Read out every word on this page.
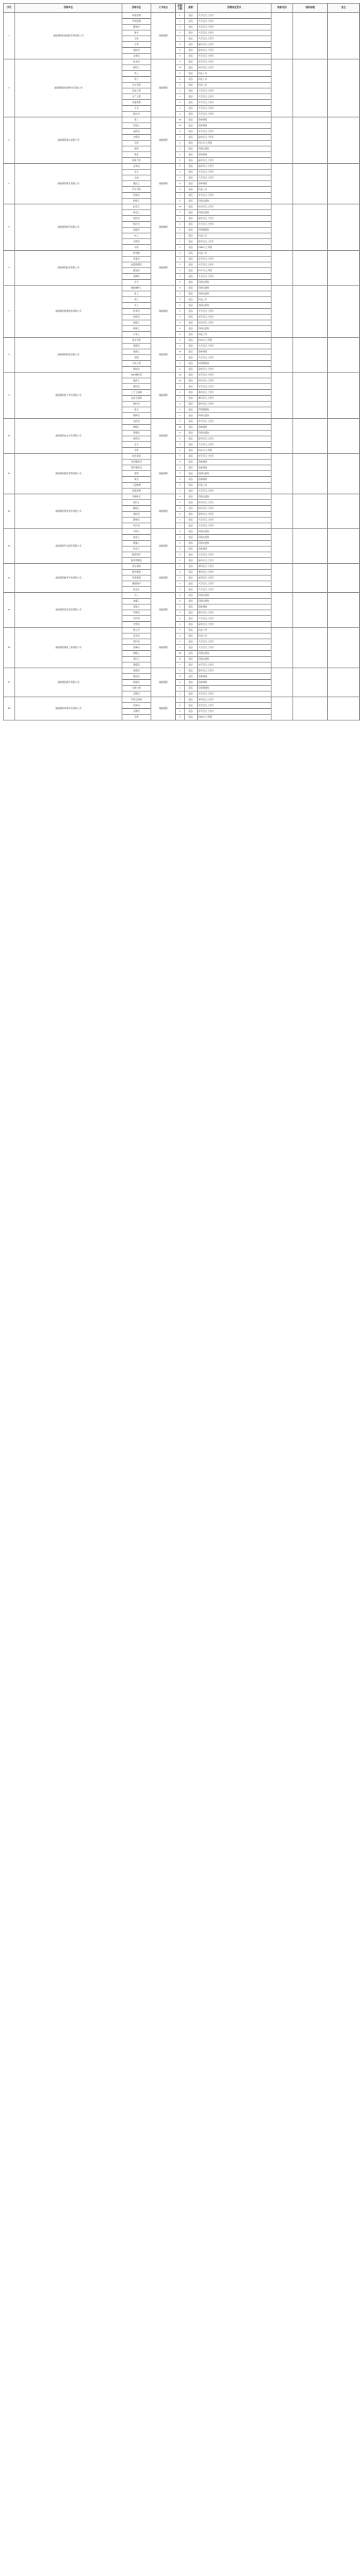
序号	招聘单位	招聘岗位	工作地点	招聘人数	薪资	招聘岗位要求	联系电话	联系邮箱	备注
1	湖南湘阴欧陆国际贸易有限公司	销售经理	湖南湘阴	1	面议	大专及以上学历			
		外贸经理		1	面议	大专及以上学历			
		跟单员		2	面议	大专及以上学历			
		财务		1	面议	大专及以上学历			
		行政		1	面议	大专及以上学历			
		仓管		2	面议	高中及以上学历			
		质检员		2	面议	高中及以上学历			
		业务员		3	面议	大专及以上学历			
2	湖南湘阴新能源科技有限公司	技术员	湖南湘阴	5	面议	中专及以上学历			
		操作工		10	面议	初中及以上学历			
		电工		2	面议	持证上岗			
		焊工		3	面议	持证上岗			
		叉车司机		2	面议	持证上岗			
		品质主管		1	面议	大专及以上学历			
		生产主管		1	面议	大专及以上学历			
		设备维修		2	面议	中专及以上学历			
		文员		1	面议	大专及以上学历			
		统计员		1	面议	大专及以上学历			
3	湖南湘阴食品有限公司	普工	湖南湘阴	20	面议	身体健康			
		包装工		10	面议	身体健康			
		品控员		2	面议	中专及以上学历			
		仓管员		1	面议	高中及以上学历			
		司机		2	面议	持C1以上驾照			
		厨师		1	面议	有相关经验			
		保安		2	面议	身体健康			
		销售代表		5	面议	高中及以上学历			
4	湖南湘阴建材有限公司	业务员	湖南湘阴	5	面议	高中及以上学历			
		会计		1	面议	大专及以上学历			
		出纳		1	面议	大专及以上学历			
		搬运工		6	面议	身体健康			
		铲车司机		2	面议	持证上岗			
		化验员		1	面议	中专及以上学历			
		机修工		2	面议	有相关经验			
5	湖南湘阴纺织有限公司	挡车工	湖南湘阴	15	面议	初中及以上学历			
		保全工		3	面议	有相关经验			
		质检员		2	面议	高中及以上学历			
		统计员		1	面议	大专及以上学历			
		班组长		2	面议	有管理经验			
		电工		1	面议	持证上岗			
		仓管员		1	面议	高中及以上学历			
		司机		1	面议	持B2以上驾照			
6	湖南湘阴医药有限公司	药剂师	湖南湘阴	2	面议	持证上岗			
		营业员		5	面议	中专及以上学历			
		质量管理员		1	面议	大专及以上学历			
		配送员		3	面议	持C1以上驾照			
		采购员		1	面议	大专及以上学历			
		店长		2	面议	有相关经验			
7	湖南湘阴机械制造有限公司	数控操作工	湖南湘阴	6	面议	有相关经验			
		钳工		3	面议	有相关经验			
		焊工		4	面议	持证上岗			
		车工		3	面议	有相关经验			
		技术员		2	面议	大专及以上学历			
		检验员		2	面议	中专及以上学历			
		装配工		8	面议	初中及以上学历			
		喷涂工		2	面议	有相关经验			
		行车工		2	面议	持证上岗			
8	湖南湘阴物流有限公司	货车司机	湖南湘阴	5	面议	持A2以上驾照			
		调度员		2	面议	大专及以上学历			
		装卸工		10	面议	身体健康			
		客服		2	面议	大专及以上学历			
		仓库主管		1	面议	有管理经验			
		理货员		4	面议	高中及以上学历			
9	湖南湘阴电子科技有限公司	SMT操作员	湖南湘阴	10	面议	中专及以上学历			
		插件工		15	面议	初中及以上学历			
		测试员		4	面议	中专及以上学历			
		工艺工程师		1	面议	本科及以上学历			
		品质工程师		1	面议	本科及以上学历			
		物料员		2	面议	高中及以上学历			
		组长		3	面议	有管理经验			
		维修员		2	面议	有相关经验			
10	湖南湘阴农业开发有限公司	农技员	湖南湘阴	3	面议	中专及以上学历			
		种植工		10	面议	身体健康			
		养殖员		5	面议	有相关经验			
		销售员		3	面议	高中及以上学历			
		会计		1	面议	大专及以上学历			
		司机		1	面议	持C1以上驾照			
11	湖南湘阴酒店管理有限公司	前台接待	湖南湘阴	3	面议	中专及以上学历			
		客房服务员		6	面议	身体健康			
		餐厅服务员		6	面议	身体健康			
		厨师		3	面议	有相关经验			
		保安		3	面议	身体健康			
		工程维修		2	面议	持证上岗			
		销售经理		1	面议	大专及以上学历			
12	湖南湘阴包装材料有限公司	印刷机长	湖南湘阴	2	面议	有相关经验			
		模切工		4	面议	初中及以上学历			
		糊盒工		6	面议	初中及以上学历			
		质检员		2	面议	高中及以上学历			
		跟单员		1	面议	大专及以上学历			
		设计员		1	面议	大专及以上学历			
13	湖南湘阴汽车服务有限公司	汽修工	湖南湘阴	4	面议	有相关经验			
		钣金工		2	面议	有相关经验			
		喷漆工		2	面议	有相关经验			
		洗车工		3	面议	身体健康			
		服务顾问		2	面议	大专及以上学历			
		配件管理员		1	面议	高中及以上学历			
14	湖南湘阴教育咨询有限公司	语文教师	湖南湘阴	2	面议	本科及以上学历			
		数学教师		2	面议	本科及以上学历			
		英语教师		2	面议	本科及以上学历			
		课程顾问		3	面议	大专及以上学历			
		班主任		2	面议	大专及以上学历			
15	湖南湘阴家居用品有限公司	木工	湖南湘阴	4	面议	有相关经验			
		油漆工		3	面议	有相关经验			
		安装工		4	面议	身体健康			
		导购员		5	面议	高中及以上学历			
		设计师		2	面议	大专及以上学历			
		仓管员		1	面议	高中及以上学历			
16	湖南湘阴建筑工程有限公司	施工员	湖南湘阴	3	面议	持证上岗			
		安全员		2	面议	持证上岗			
		资料员		2	面议	大专及以上学历			
		预算员		1	面议	大专及以上学历			
		钢筋工		10	面议	有相关经验			
		泥瓦工		8	面议	有相关经验			
		测量员		2	面议	中专及以上学历			
17	湖南湘阴商贸有限公司	收银员	湖南湘阴	4	面议	高中及以上学历			
		理货员		6	面议	身体健康			
		防损员		2	面议	身体健康			
		生鲜主管		1	面议	有管理经验			
		采购员		1	面议	大专及以上学历			
18	湖南湘阴环保科技有限公司	环保工程师	湖南湘阴	1	面议	本科及以上学历			
		化验员		2	面议	中专及以上学历			
		运维员		4	面议	中专及以上学历			
		司机		2	面议	持B2以上驾照			
